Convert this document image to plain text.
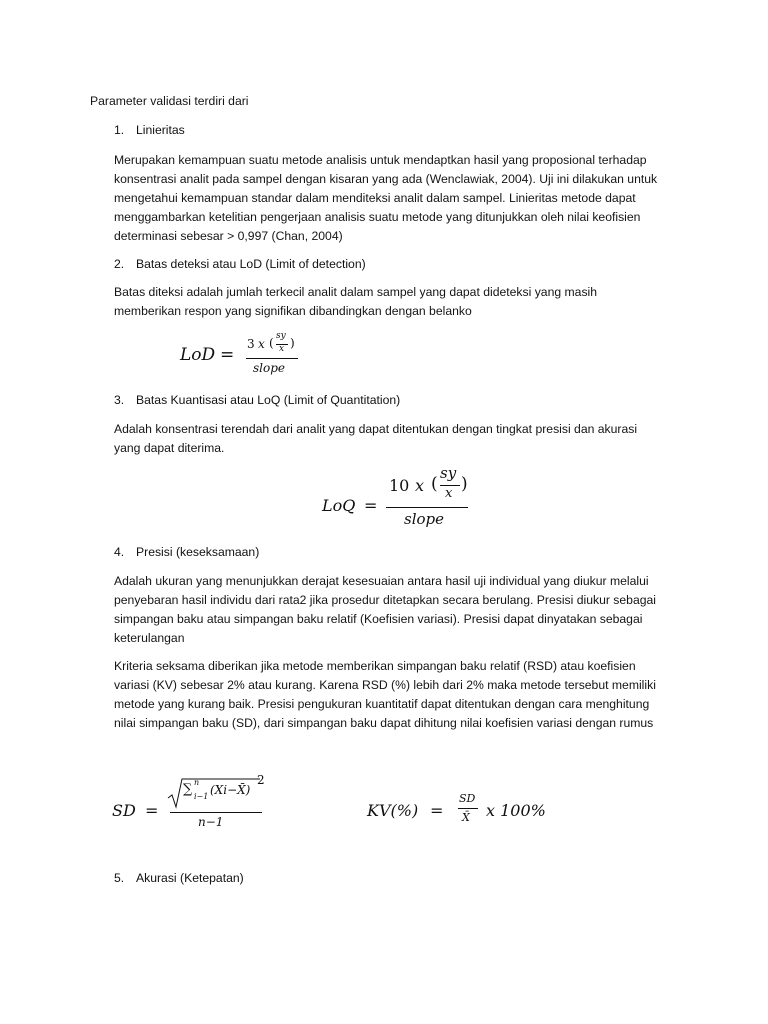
Parameter validasi terdiri dari
1. Linieritas
Merupakan kemampuan suatu metode analisis untuk mendaptkan hasil yang proposional terhadap
konsentrasi analit pada sampel dengan kisaran yang ada (Wenclawiak, 2004). Uji ini dilakukan untuk
mengetahui kemampuan standar dalam menditeksi analit dalam sampel. Linieritas metode dapat
menggambarkan ketelitian pengerjaan analisis suatu metode yang ditunjukkan oleh nilai keofisien
determinasi sebesar > 0,997 (Chan, 2004)
2. Batas deteksi atau LoD (Limit of detection)
Batas diteksi adalah jumlah terkecil analit dalam sampel yang dapat dideteksi yang masih
memberikan respon yang signifikan dibandingkan dengan belanko
LoD =
3 x ( sy
x )
slope
3. Batas Kuantisasi atau LoQ (Limit of Quantitation)
Adalah konsentrasi terendah dari analit yang dapat ditentukan dengan tingkat presisi dan akurasi
yang dapat diterima.
LoQ =
10 x (
sy
x )
slope
4. Presisi (keseksamaan)
Adalah ukuran yang menunjukkan derajat kesesuaian antara hasil uji individual yang diukur melalui
penyebaran hasil individu dari rata2 jika prosedur ditetapkan secara berulang. Presisi diukur sebagai
simpangan baku atau simpangan baku relatif (Koefisien variasi). Presisi dapat dinyatakan sebagai
keterulangan
Kriteria seksama diberikan jika metode memberikan simpangan baku relatif (RSD) atau koefisien
variasi (KV) sebesar 2% atau kurang. Karena RSD (%) lebih dari 2% maka metode tersebut memiliki
metode yang kurang baik. Presisi pengukuran kuantitatif dapat ditentukan dengan cara menghitung
nilai simpangan baku (SD), dari simpangan baku dapat dihitung nilai koefisien variasi dengan rumus
SD =
∑ n
i−1 (Xi−X̄)
2
n−1
KV(%) =
SD
X̄ x 100%
5. Akurasi (Ketepatan)
